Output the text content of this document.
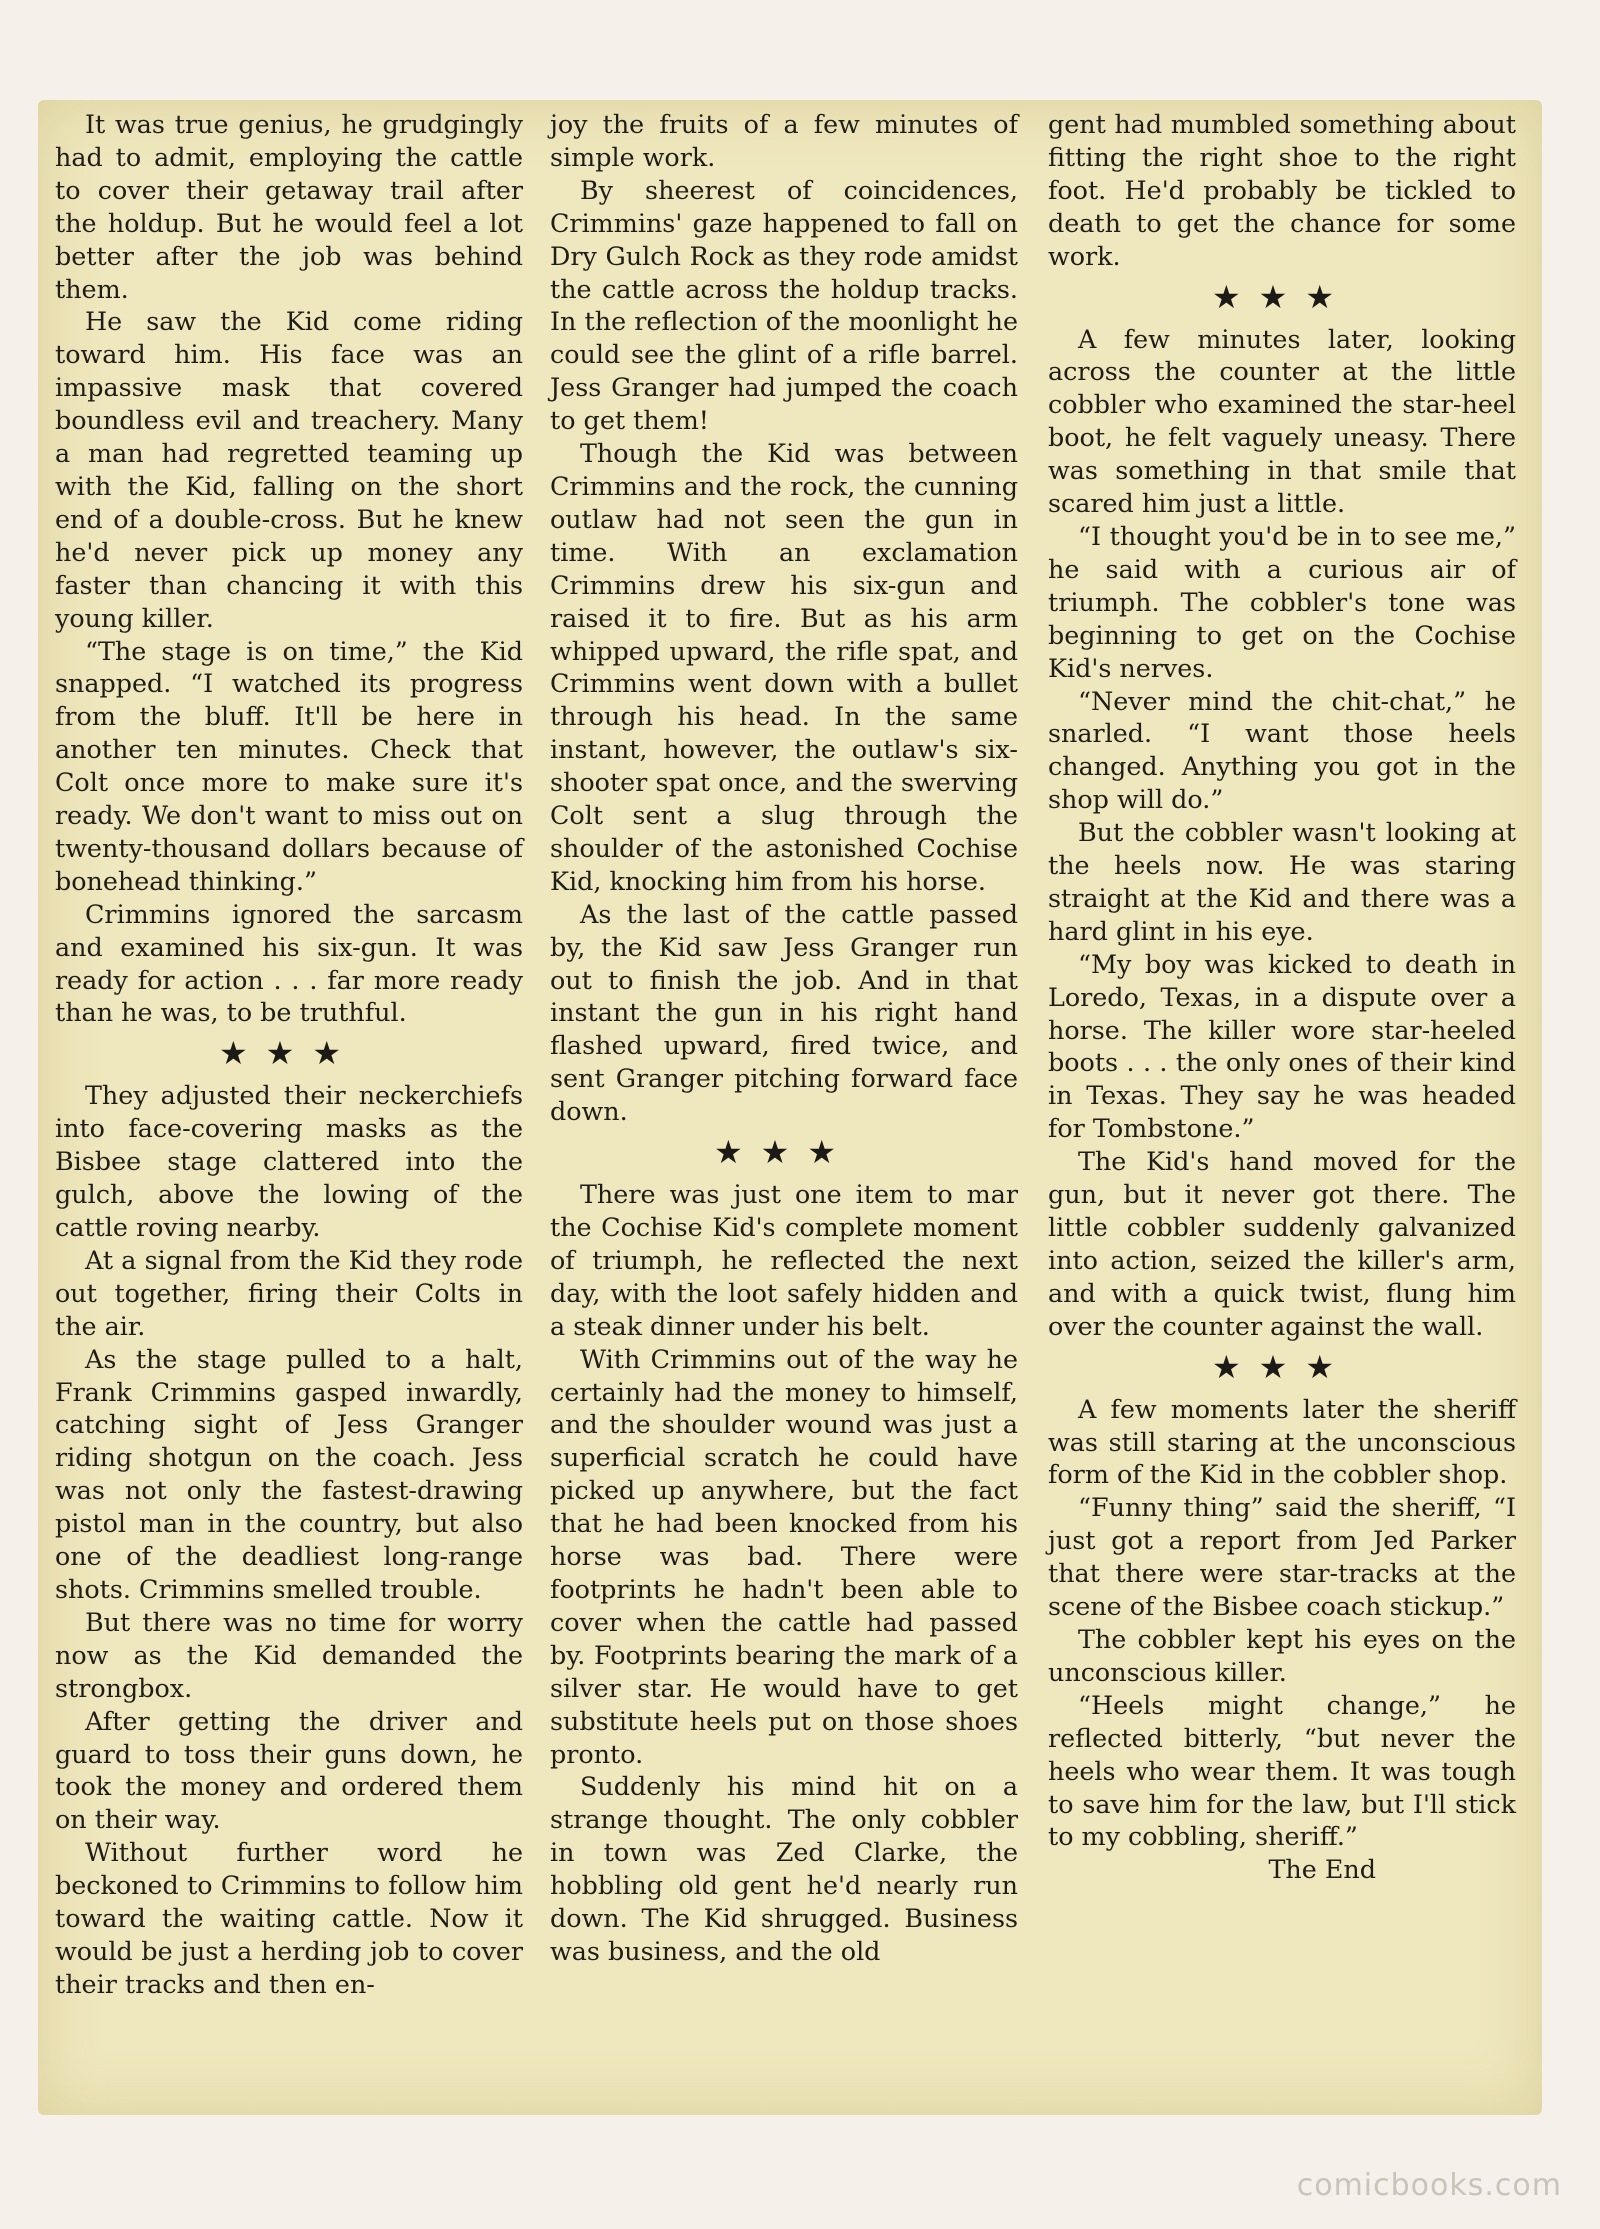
It was true genius, he grudgingly had to admit, employing the cattle to cover their getaway trail after the holdup. But he would feel a lot better after the job was behind them.

He saw the Kid come riding toward him. His face was an impassive mask that covered boundless evil and treachery. Many a man had regretted teaming up with the Kid, falling on the short end of a double-cross. But he knew he'd never pick up money any faster than chancing it with this young killer.

“The stage is on time,” the Kid snapped. “I watched its progress from the bluff. It'll be here in another ten minutes. Check that Colt once more to make sure it's ready. We don't want to miss out on twenty-thousand dollars because of bonehead thinking.”

Crimmins ignored the sarcasm and examined his six-gun. It was ready for action . . . far more ready than he was, to be truthful.

★★★

They adjusted their neckerchiefs into face-covering masks as the Bisbee stage clattered into the gulch, above the lowing of the cattle roving nearby.

At a signal from the Kid they rode out together, firing their Colts in the air.

As the stage pulled to a halt, Frank Crimmins gasped inwardly, catching sight of Jess Granger riding shotgun on the coach. Jess was not only the fastest-drawing pistol man in the country, but also one of the deadliest long-range shots. Crimmins smelled trouble.

But there was no time for worry now as the Kid demanded the strongbox.

After getting the driver and guard to toss their guns down, he took the money and ordered them on their way.

Without further word he beckoned to Crimmins to follow him toward the waiting cattle. Now it would be just a herding job to cover their tracks and then en-

joy the fruits of a few minutes of simple work.

By sheerest of coincidences, Crimmins' gaze happened to fall on Dry Gulch Rock as they rode amidst the cattle across the holdup tracks. In the reflection of the moonlight he could see the glint of a rifle barrel. Jess Granger had jumped the coach to get them!

Though the Kid was between Crimmins and the rock, the cunning outlaw had not seen the gun in time. With an exclamation Crimmins drew his six-gun and raised it to fire. But as his arm whipped upward, the rifle spat, and Crimmins went down with a bullet through his head. In the same instant, however, the outlaw's six-shooter spat once, and the swerving Colt sent a slug through the shoulder of the astonished Cochise Kid, knocking him from his horse.

As the last of the cattle passed by, the Kid saw Jess Granger run out to finish the job. And in that instant the gun in his right hand flashed upward, fired twice, and sent Granger pitching forward face down.

★★★

There was just one item to mar the Cochise Kid's complete moment of triumph, he reflected the next day, with the loot safely hidden and a steak dinner under his belt.

With Crimmins out of the way he certainly had the money to himself, and the shoulder wound was just a superficial scratch he could have picked up anywhere, but the fact that he had been knocked from his horse was bad. There were footprints he hadn't been able to cover when the cattle had passed by. Footprints bearing the mark of a silver star. He would have to get substitute heels put on those shoes pronto.

Suddenly his mind hit on a strange thought. The only cobbler in town was Zed Clarke, the hobbling old gent he'd nearly run down. The Kid shrugged. Business was business, and the old

gent had mumbled something about fitting the right shoe to the right foot. He'd probably be tickled to death to get the chance for some work.

★★★

A few minutes later, looking across the counter at the little cobbler who examined the star-heel boot, he felt vaguely uneasy. There was something in that smile that scared him just a little.

“I thought you'd be in to see me,” he said with a curious air of triumph. The cobbler's tone was beginning to get on the Cochise Kid's nerves.

“Never mind the chit-chat,” he snarled. “I want those heels changed. Anything you got in the shop will do.”

But the cobbler wasn't looking at the heels now. He was staring straight at the Kid and there was a hard glint in his eye.

“My boy was kicked to death in Loredo, Texas, in a dispute over a horse. The killer wore star-heeled boots . . . the only ones of their kind in Texas. They say he was headed for Tombstone.”

The Kid's hand moved for the gun, but it never got there. The little cobbler suddenly galvanized into action, seized the killer's arm, and with a quick twist, flung him over the counter against the wall.

★★★

A few moments later the sheriff was still staring at the unconscious form of the Kid in the cobbler shop.

“Funny thing” said the sheriff, “I just got a report from Jed Parker that there were star-tracks at the scene of the Bisbee coach stickup.”

The cobbler kept his eyes on the unconscious killer.

“Heels might change,” he reflected bitterly, “but never the heels who wear them. It was tough to save him for the law, but I'll stick to my cobbling, sheriff.”

The End

comicbooks.com
